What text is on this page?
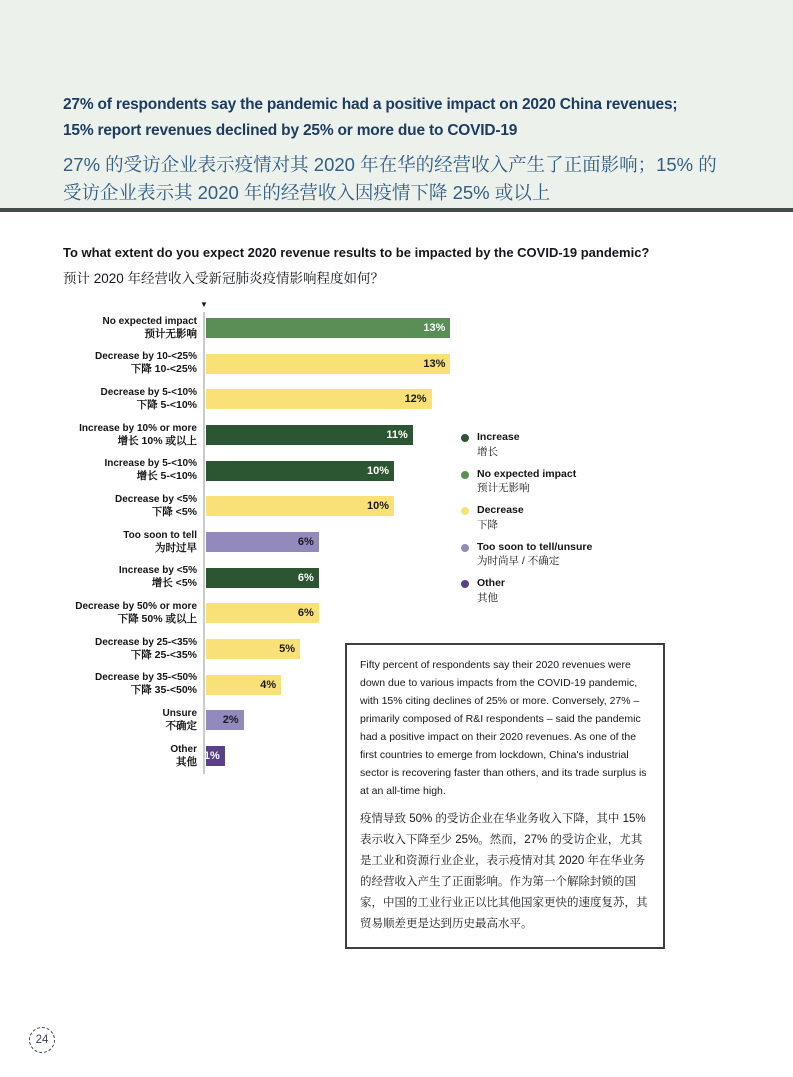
27% of respondents say the pandemic had a positive impact on 2020 China revenues; 15% report revenues declined by 25% or more due to COVID-19
27% 的受访企业表示疫情对其 2020 年在华的经营收入产生了正面影响；15% 的受访企业表示其 2020 年的经营收入因疫情下降 25% 或以上
To what extent do you expect 2020 revenue results to be impacted by the COVID-19 pandemic?
预计 2020 年经营收入受新冠肺炎疫情影响程度如何？
▼
No expected impact
预计无影响	13%
Decrease by 10-<25%
下降 10-<25%	13%
Decrease by 5-<10%
下降 5-<10%	12%
Increase by 10% or more
增长 10% 或以上	11%
Increase by 5-<10%
增长 5-<10%	10%
Decrease by <5%
下降 <5%	10%
Too soon to tell
为时过早	6%
Increase by <5%
增长 <5%	6%
Decrease by 50% or more
下降 50% 或以上	6%
Decrease by 25-<35%
下降 25-<35%	5%
Decrease by 35-<50%
下降 35-<50%	4%
Unsure
不确定 2%
Other
其他 1%
Increase
增长
No expected impact
预计无影响
Decrease
下降
Too soon to tell/unsure
为时尚早 / 不确定
Other
其他
Fifty percent of respondents say their 2020 revenues were down due to various impacts from the COVID-19 pandemic, with 15% citing declines of 25% or more. Conversely, 27% – primarily composed of R&I respondents – said the pandemic had a positive impact on their 2020 revenues. As one of the first countries to emerge from lockdown, China's industrial sector is recovering faster than others, and its trade surplus is at an all-time high.
疫情导致 50% 的受访企业在华业务收入下降，其中 15% 表示收入下降至少 25%。然而，27% 的受访企业，尤其是工业和资源行业企业，表示疫情对其 2020 年在华业务的经营收入产生了正面影响。作为第一个解除封锁的国家，中国的工业行业正以比其他国家更快的速度复苏，其贸易顺差更是达到历史最高水平。
24
